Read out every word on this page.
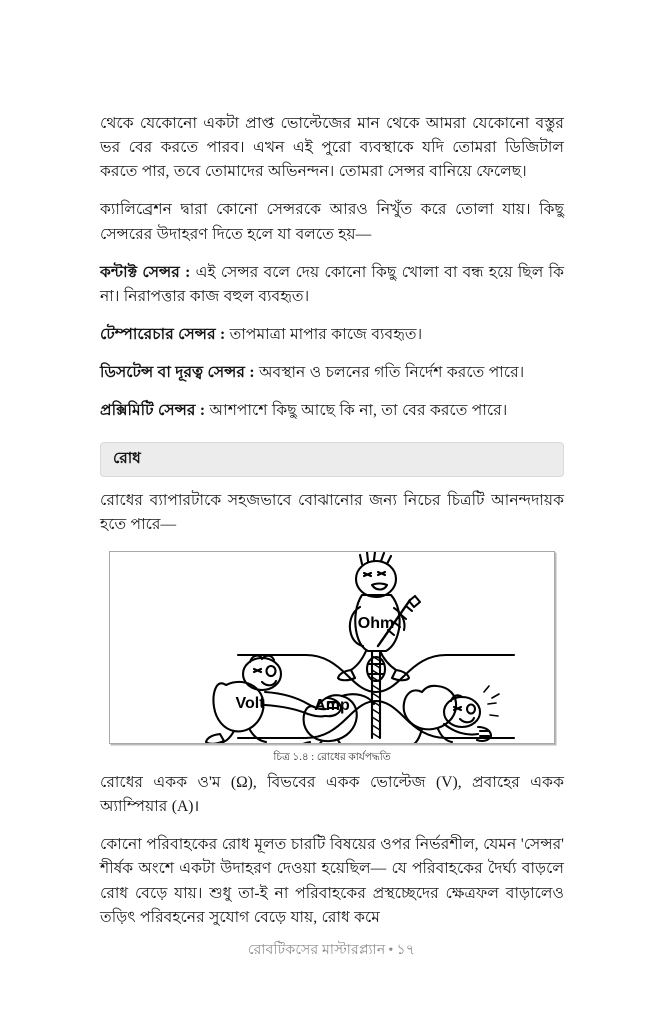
থেকে যেকোনো একটা প্রাপ্ত ভোল্টেজের মান থেকে আমরা যেকোনো বস্তুর ভর বের করতে পারব। এখন এই পুরো ব্যবস্থাকে যদি তোমরা ডিজিটাল করতে পার, তবে তোমাদের অভিনন্দন। তোমরা সেন্সর বানিয়ে ফেলেছ।

ক্যালিব্রেশন দ্বারা কোনো সেন্সরকে আরও নিখুঁত করে তোলা যায়। কিছু সেন্সরের উদাহরণ দিতে হলে যা বলতে হয়—

কন্টাক্ট সেন্সর : এই সেন্সর বলে দেয় কোনো কিছু খোলা বা বন্ধ হয়ে ছিল কি না। নিরাপত্তার কাজ বহুল ব্যবহৃত।

টেম্পারেচার সেন্সর : তাপমাত্রা মাপার কাজে ব্যবহৃত।

ডিসটেন্স বা দূরত্ব সেন্সর : অবস্থান ও চলনের গতি নির্দেশ করতে পারে।

প্রক্সিমিটি সেন্সর : আশপাশে কিছু আছে কি না, তা বের করতে পারে।

রোধ

রোধের ব্যাপারটাকে সহজভাবে বোঝানোর জন্য নিচের চিত্রটি আনন্দদায়ক হতে পারে—

Ohm
Volt	Amp
চিত্র ১.৪ : রোধের কার্যপদ্ধতি

রোধের একক ও'ম (Ω), বিভবের একক ভোল্টেজ (V), প্রবাহের একক অ্যাম্পিয়ার (A)।

কোনো পরিবাহকের রোধ মূলত চারটি বিষয়ের ওপর নির্ভরশীল, যেমন 'সেন্সর' শীর্ষক অংশে একটা উদাহরণ দেওয়া হয়েছিল— যে পরিবাহকের দৈর্ঘ্য বাড়লে রোধ বেড়ে যায়। শুধু তা-ই না পরিবাহকের প্রস্থচ্ছেদের ক্ষেত্রফল বাড়ালেও তড়িৎ পরিবহনের সুযোগ বেড়ে যায়, রোধ কমে

রোবটিকসের মাস্টারপ্ল্যান • ১৭
